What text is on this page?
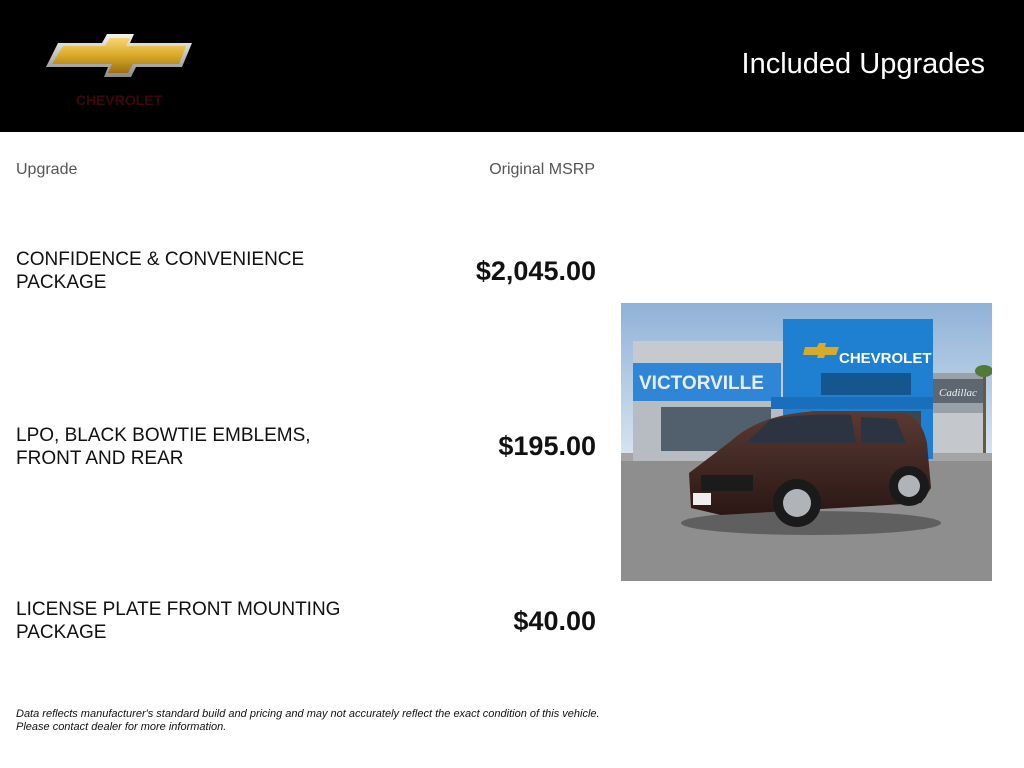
CHEVROLET
Included Upgrades
Upgrade	Original MSRP
CONFIDENCE & CONVENIENCE PACKAGE	$2,045.00
LPO, BLACK BOWTIE EMBLEMS, FRONT AND REAR	$195.00
LICENSE PLATE FRONT MOUNTING PACKAGE	$40.00
VICTORVILLE
CHEVROLET
Cadillac
Data reflects manufacturer's standard build and pricing and may not accurately reflect the exact condition of this vehicle.
Please contact dealer for more information.
